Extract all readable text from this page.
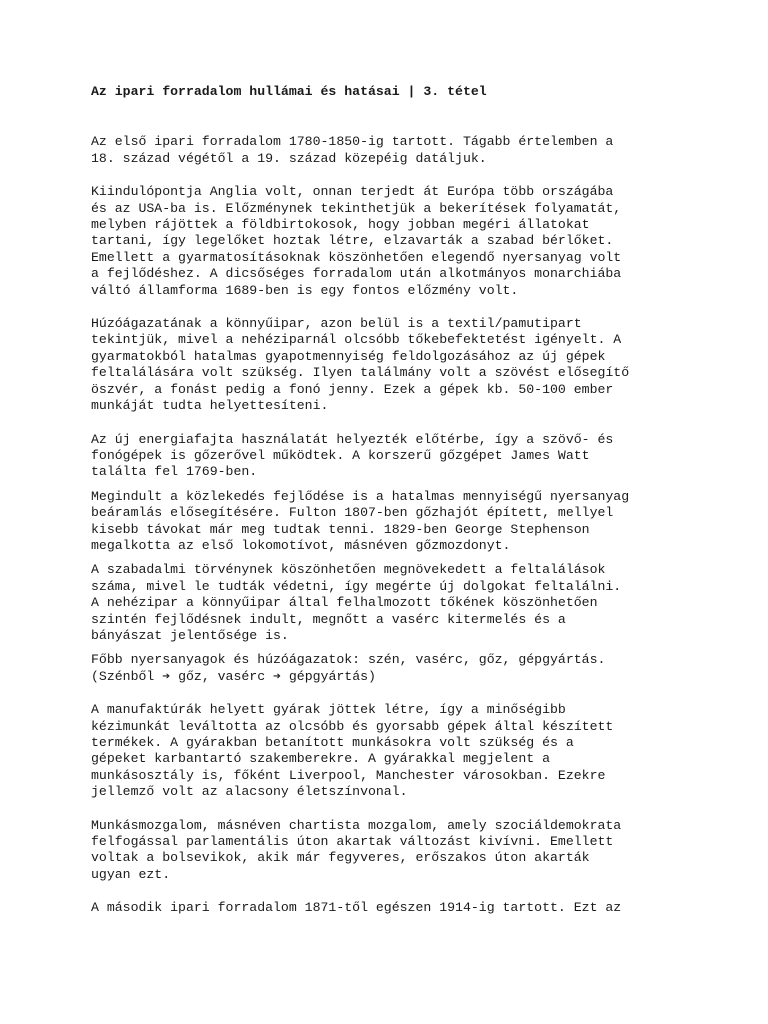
Az ipari forradalom hullámai és hatásai | 3. tétel

Az első ipari forradalom 1780-1850-ig tartott. Tágabb értelemben a
18. század végétől a 19. század közepéig datáljuk.

Kiindulópontja Anglia volt, onnan terjedt át Európa több országába
és az USA-ba is. Előzménynek tekinthetjük a bekerítések folyamatát,
melyben rájöttek a földbirtokosok, hogy jobban megéri állatokat
tartani, így legelőket hoztak létre, elzavarták a szabad bérlőket.
Emellett a gyarmatosításoknak köszönhetően elegendő nyersanyag volt
a fejlődéshez. A dicsőséges forradalom után alkotmányos monarchiába
váltó államforma 1689-ben is egy fontos előzmény volt.

Húzóágazatának a könnyűipar, azon belül is a textil/pamutipart
tekintjük, mivel a nehéziparnál olcsóbb tőkebefektetést igényelt. A
gyarmatokból hatalmas gyapotmennyiség feldolgozásához az új gépek
feltalálására volt szükség. Ilyen találmány volt a szövést elősegítő
öszvér, a fonást pedig a fonó jenny. Ezek a gépek kb. 50-100 ember
munkáját tudta helyettesíteni.

Az új energiafajta használatát helyezték előtérbe, így a szövő- és
fonógépek is gőzerővel működtek. A korszerű gőzgépet James Watt
találta fel 1769-ben.

Megindult a közlekedés fejlődése is a hatalmas mennyiségű nyersanyag
beáramlás elősegítésére. Fulton 1807-ben gőzhajót épített, mellyel
kisebb távokat már meg tudtak tenni. 1829-ben George Stephenson
megalkotta az első lokomotívot, másnéven gőzmozdonyt.

A szabadalmi törvénynek köszönhetően megnövekedett a feltalálások
száma, mivel le tudták védetni, így megérte új dolgokat feltalálni.
A nehézipar a könnyűipar által felhalmozott tőkének köszönhetően
szintén fejlődésnek indult, megnőtt a vasérc kitermelés és a
bányászat jelentősége is.

Főbb nyersanyagok és húzóágazatok: szén, vasérc, gőz, gépgyártás.
(Szénből ➔ gőz, vasérc ➔ gépgyártás)

A manufaktúrák helyett gyárak jöttek létre, így a minőségibb
kézimunkát leváltotta az olcsóbb és gyorsabb gépek által készített
termékek. A gyárakban betanított munkásokra volt szükség és a
gépeket karbantartó szakemberekre. A gyárakkal megjelent a
munkásosztály is, főként Liverpool, Manchester városokban. Ezekre
jellemző volt az alacsony életszínvonal.

Munkásmozgalom, másnéven chartista mozgalom, amely szociáldemokrata
felfogással parlamentális úton akartak változást kivívni. Emellett
voltak a bolsevikok, akik már fegyveres, erőszakos úton akarták
ugyan ezt.

A második ipari forradalom 1871-től egészen 1914-ig tartott. Ezt az
